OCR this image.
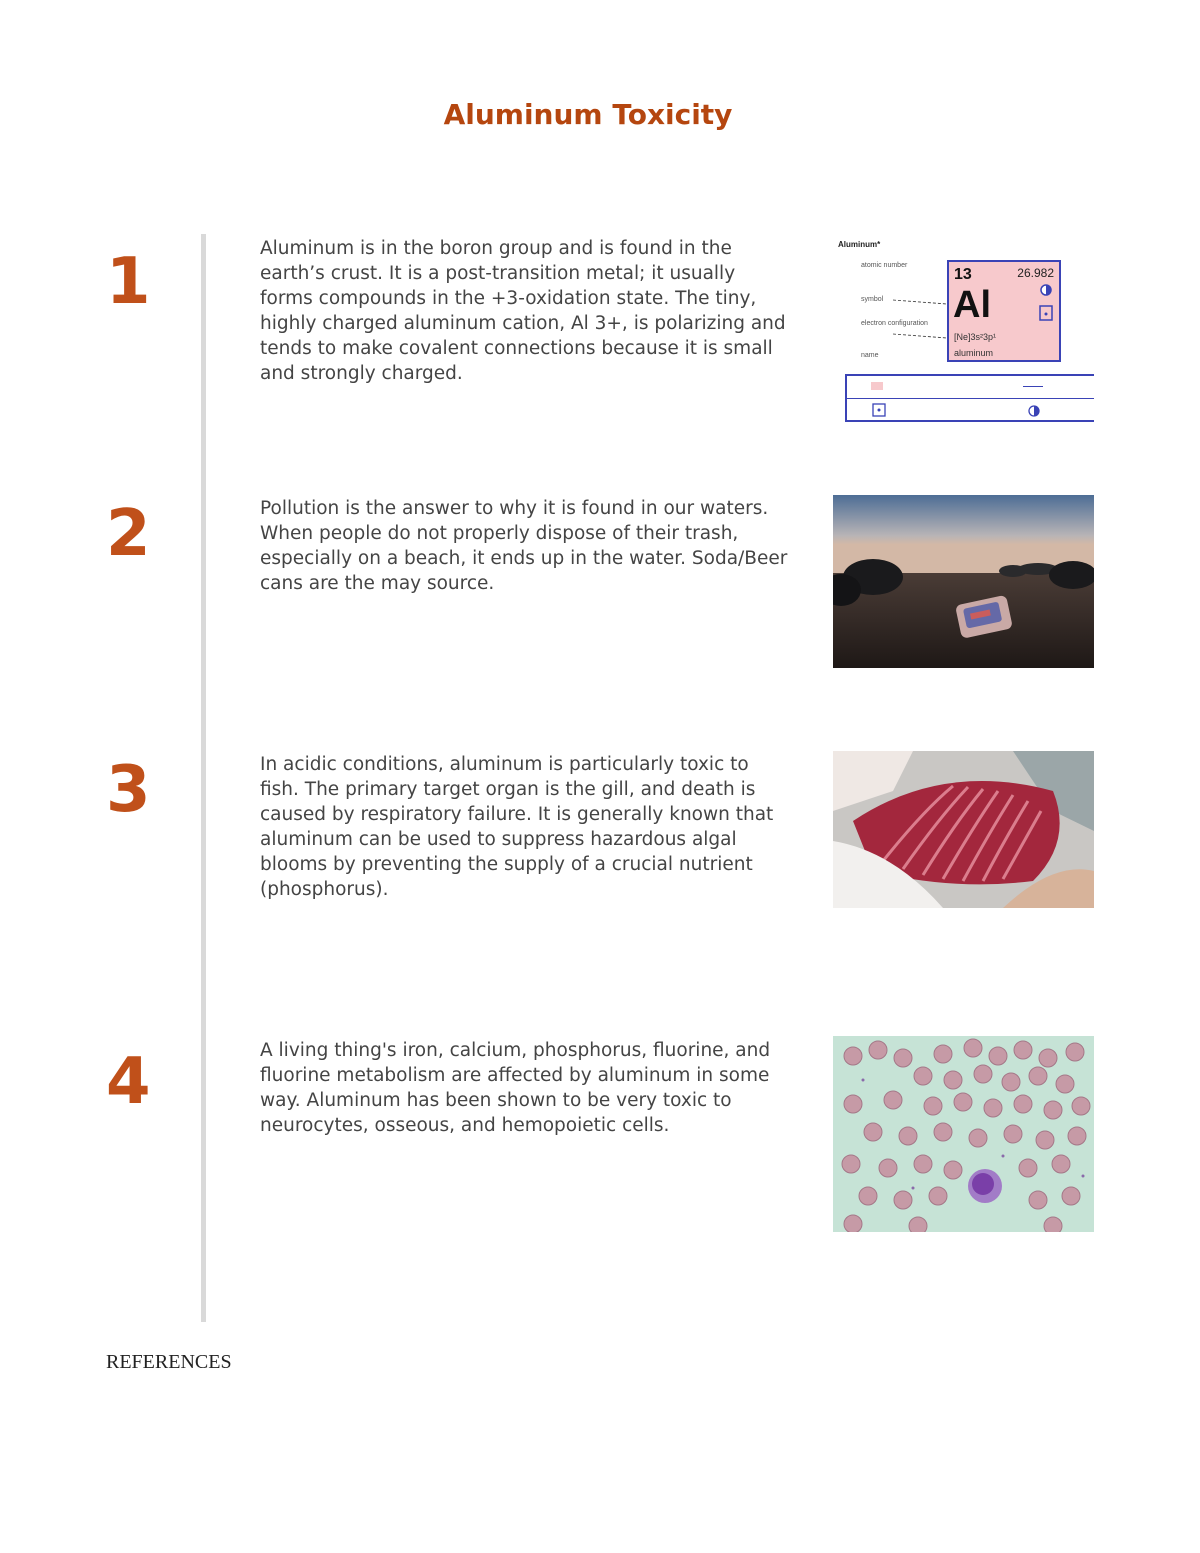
Aluminum Toxicity
1	Aluminum is in the boron group and is found in the earth’s crust. It is a post-transition metal; it usually forms compounds in the +3-oxidation state. The tiny, highly charged aluminum cation, Al 3+, is polarizing and tends to make covalent connections because it is small and strongly charged.

Aluminum*
atomic number
symbol
electron configuration
name
13	26.982
Al
[Ne]3s²3p¹
aluminum
2	Pollution is the answer to why it is found in our waters. When people do not properly dispose of their trash, especially on a beach, it ends up in the water. Soda/Beer cans are the may source.

3	In acidic conditions, aluminum is particularly toxic to fish. The primary target organ is the gill, and death is caused by respiratory failure. It is generally known that aluminum can be used to suppress hazardous algal blooms by preventing the supply of a crucial nutrient (phosphorus).

4	A living thing's iron, calcium, phosphorus, fluorine, and fluorine metabolism are affected by aluminum in some way. Aluminum has been shown to be very toxic to neurocytes, osseous, and hemopoietic cells.

REFERENCES
